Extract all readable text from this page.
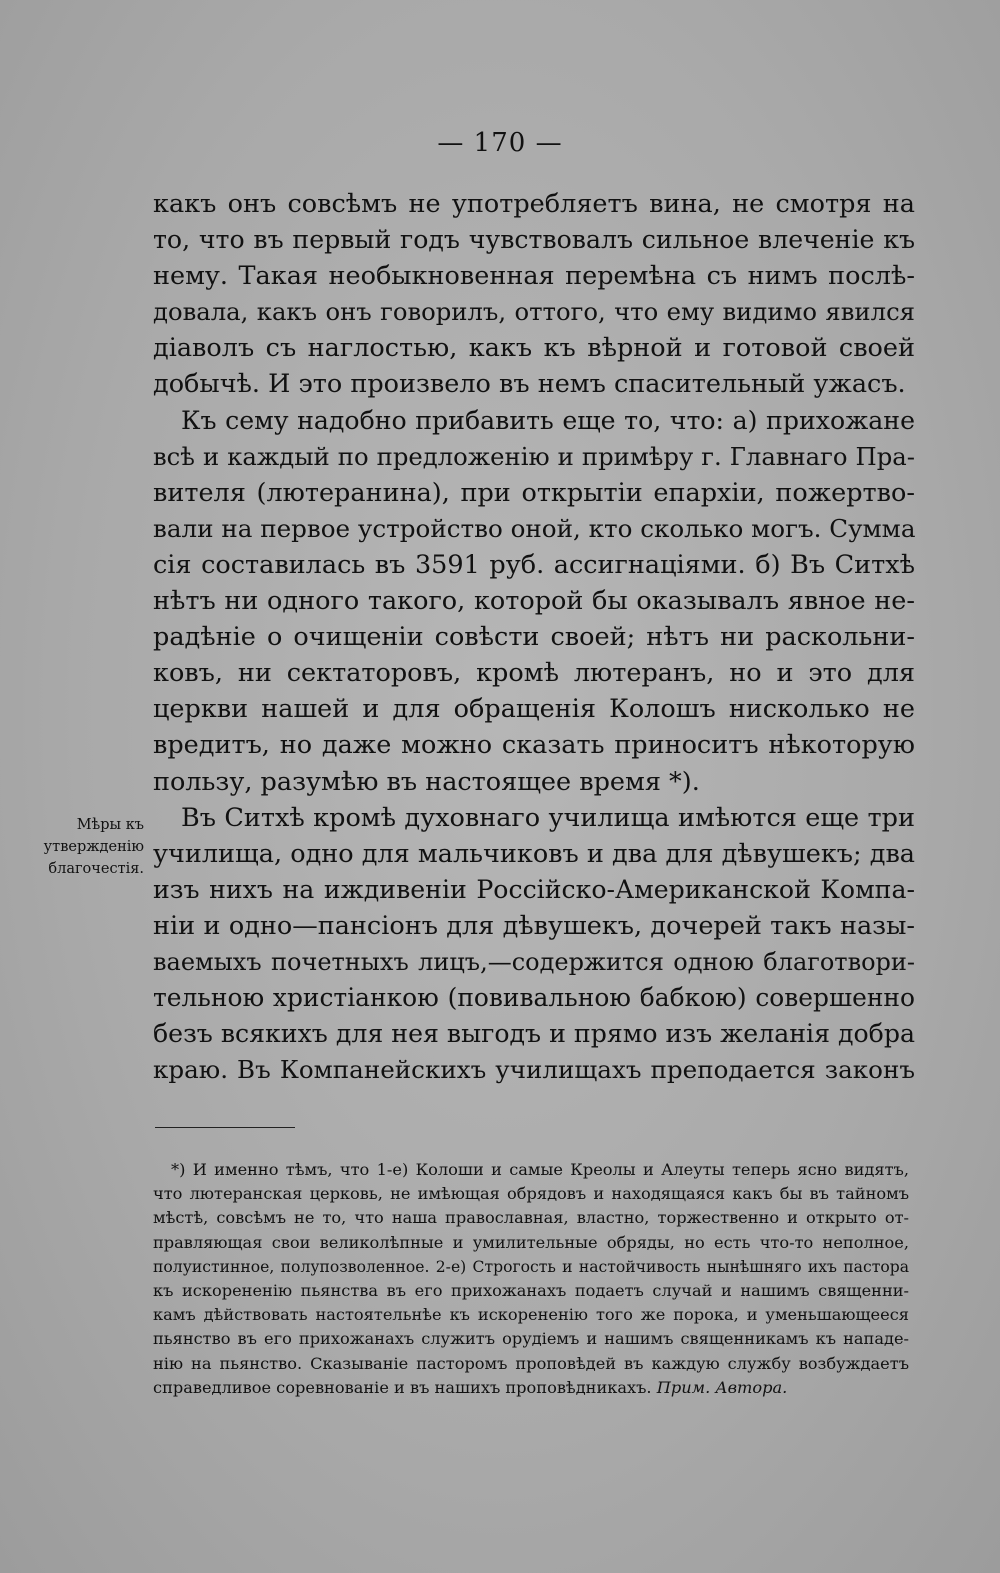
— 170 —
какъ онъ совсѣмъ не употребляетъ вина, не смотря на
то, что въ первый годъ чувствовалъ сильное влеченіе къ
нему. Такая необыкновенная перемѣна съ нимъ послѣ-
довала, какъ онъ говорилъ, оттого, что ему видимо явился
діаволъ съ наглостью, какъ къ вѣрной и готовой своей
добычѣ. И это произвело въ немъ спасительный ужасъ.
Къ сему надобно прибавить еще то, что: а) прихожане
всѣ и каждый по предложенію и примѣру г. Главнаго Пра-
вителя (лютеранина), при открытіи епархіи, пожертво-
вали на первое устройство оной, кто сколько могъ. Сумма
сія составилась въ 3591 руб. ассигнаціями. б) Въ Ситхѣ
нѣтъ ни одного такого, которой бы оказывалъ явное не-
радѣніе о очищеніи совѣсти своей; нѣтъ ни раскольни-
ковъ, ни сектаторовъ, кромѣ лютеранъ, но и это для
церкви нашей и для обращенія Колошъ нисколько не
вредитъ, но даже можно сказать приноситъ нѣкоторую
пользу, разумѣю въ настоящее время *).
Въ Ситхѣ кромѣ духовнаго училища имѣются еще три
училища, одно для мальчиковъ и два для дѣвушекъ; два
изъ нихъ на иждивеніи Россійско-Американской Компа-
ніи и одно—пансіонъ для дѣвушекъ, дочерей такъ назы-
ваемыхъ почетныхъ лицъ,—содержится одною благотвори-
тельною христіанкою (повивальною бабкою) совершенно
безъ всякихъ для нея выгодъ и прямо изъ желанія добра
краю. Въ Компанейскихъ училищахъ преподается законъ
Мѣры къ
утвержденію
благочестія.
*) И именно тѣмъ, что 1-е) Колоши и самые Креолы и Алеуты теперь ясно видятъ,
что лютеранская церковь, не имѣющая обрядовъ и находящаяся какъ бы въ тайномъ
мѣстѣ, совсѣмъ не то, что наша православная, властно, торжественно и открыто от-
правляющая свои великолѣпные и умилительные обряды, но есть что-то неполное,
полуистинное, полупозволенное. 2-е) Строгость и настойчивость нынѣшняго ихъ пастора
къ искорененію пьянства въ его прихожанахъ подаетъ случай и нашимъ священни-
камъ дѣйствовать настоятельнѣе къ искорененію того же порока, и уменьшающееся
пьянство въ его прихожанахъ служитъ орудіемъ и нашимъ священникамъ къ нападе-
нію на пьянство. Сказываніе пасторомъ проповѣдей въ каждую службу возбуждаетъ
справедливое соревнованіе и въ нашихъ проповѣдникахъ. Прим. Автора.
